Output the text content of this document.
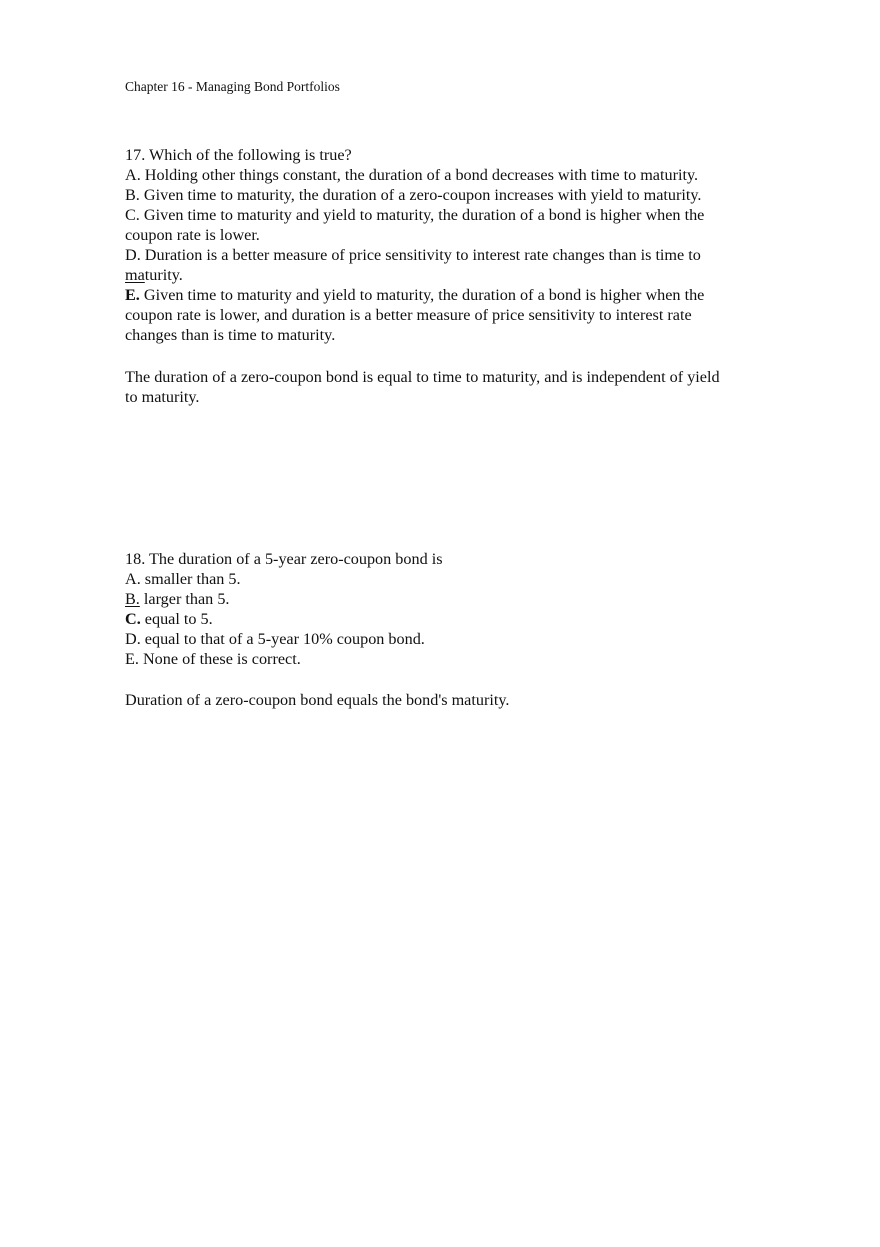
Chapter 16 - Managing Bond Portfolios
17. Which of the following is true?
A. Holding other things constant, the duration of a bond decreases with time to maturity.
B. Given time to maturity, the duration of a zero-coupon increases with yield to maturity.
C. Given time to maturity and yield to maturity, the duration of a bond is higher when the
coupon rate is lower.
D. Duration is a better measure of price sensitivity to interest rate changes than is time to
maturity.
E. Given time to maturity and yield to maturity, the duration of a bond is higher when the
coupon rate is lower, and duration is a better measure of price sensitivity to interest rate
changes than is time to maturity.
The duration of a zero-coupon bond is equal to time to maturity, and is independent of yield
to maturity.
18. The duration of a 5-year zero-coupon bond is
A. smaller than 5.
B. larger than 5.
C. equal to 5.
D. equal to that of a 5-year 10% coupon bond.
E. None of these is correct.
Duration of a zero-coupon bond equals the bond's maturity.
